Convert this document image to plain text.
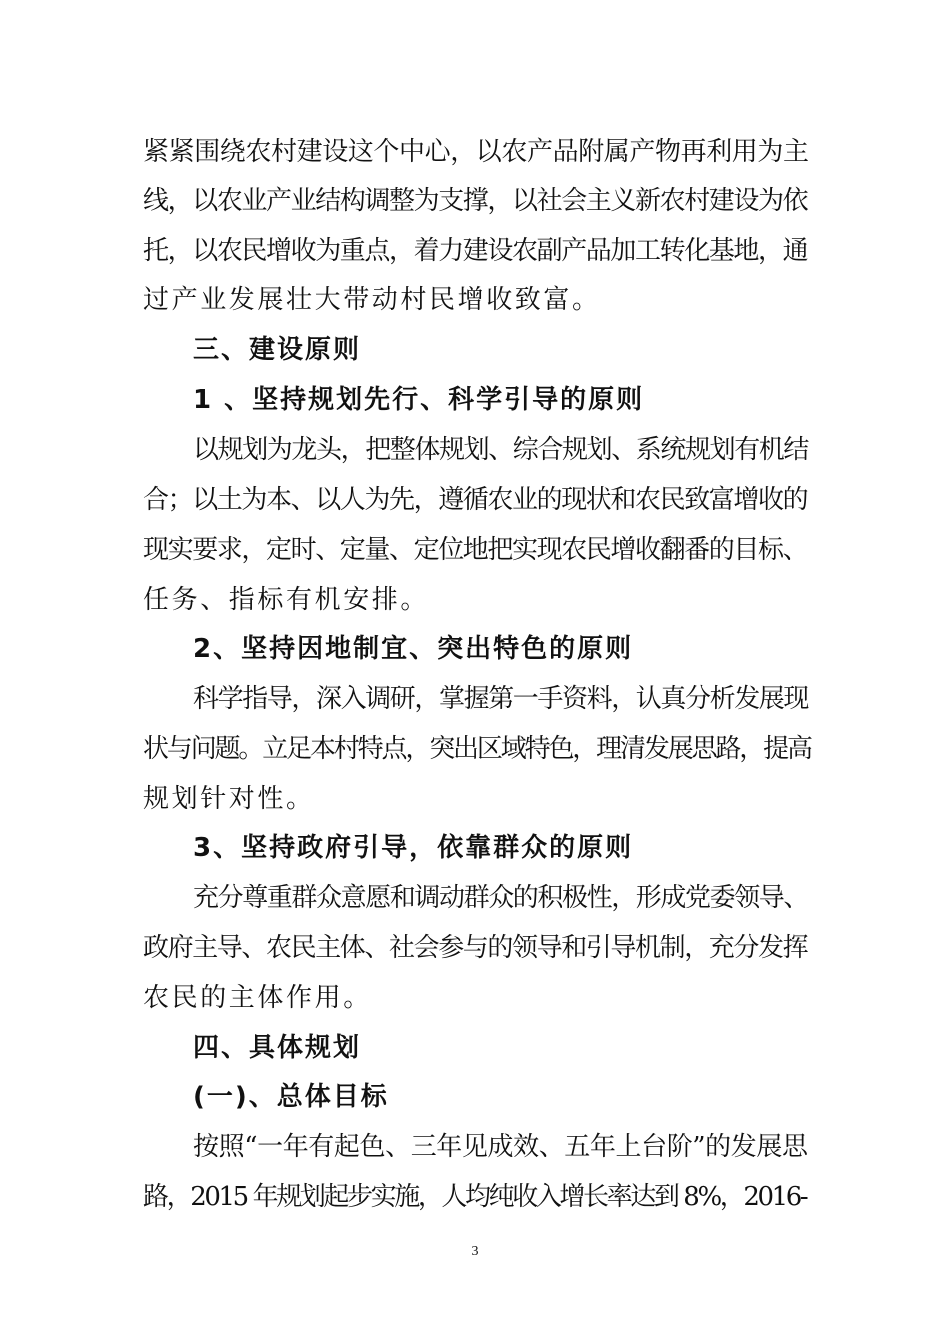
紧紧围绕农村建设这个中心，以农产品附属产物再利用为主
线，以农业产业结构调整为支撑，以社会主义新农村建设为依
托，以农民增收为重点，着力建设农副产品加工转化基地，通
过产业发展壮大带动村民增收致富。
三、建设原则
1 、坚持规划先行、科学引导的原则
以规划为龙头，把整体规划、综合规划、系统规划有机结
合；以土为本、以人为先，遵循农业的现状和农民致富增收的
现实要求，定时、定量、定位地把实现农民增收翻番的目标、
任务、指标有机安排。
2、坚持因地制宜、突出特色的原则
科学指导，深入调研，掌握第一手资料，认真分析发展现
状与问题。立足本村特点，突出区域特色，理清发展思路，提高
规划针对性。
3、坚持政府引导，依靠群众的原则
充分尊重群众意愿和调动群众的积极性，形成党委领导、
政府主导、农民主体、社会参与的领导和引导机制，充分发挥
农民的主体作用。
四、具体规划
(一)、总体目标
按照“一年有起色、三年见成效、五年上台阶”的发展思
路，2015 年规划起步实施，人均纯收入增长率达到 8%，2016-
3
